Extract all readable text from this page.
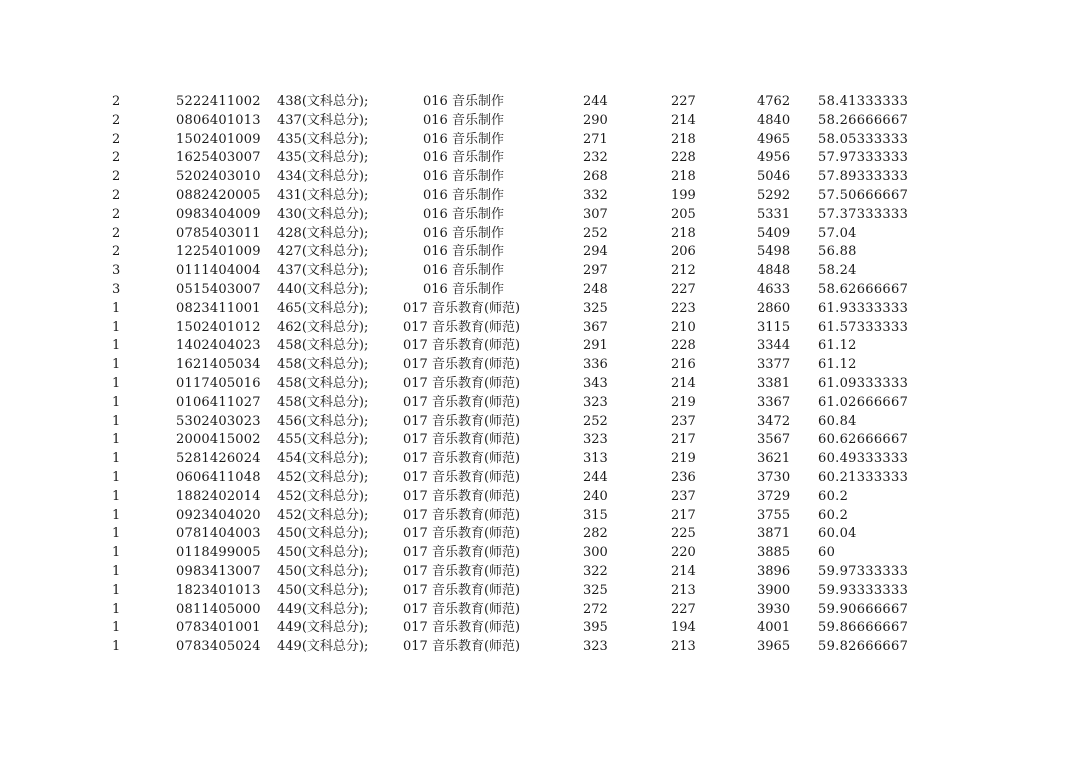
2	5222411002 438(文科总分);	016 音乐制作	244	227	4762 58.41333333
2	0806401013 437(文科总分);	016 音乐制作	290	214	4840 58.26666667
2	1502401009 435(文科总分);	016 音乐制作	271	218	4965 58.05333333
2	1625403007 435(文科总分);	016 音乐制作	232	228	4956 57.97333333
2	5202403010 434(文科总分);	016 音乐制作	268	218	5046 57.89333333
2	0882420005 431(文科总分);	016 音乐制作	332	199	5292 57.50666667
2	0983404009 430(文科总分);	016 音乐制作	307	205	5331 57.37333333
2	0785403011 428(文科总分);	016 音乐制作	252	218	5409 57.04
2	1225401009 427(文科总分);	016 音乐制作	294	206	5498 56.88
3	0111404004 437(文科总分);	016 音乐制作	297	212	4848 58.24
3	0515403007 440(文科总分);	016 音乐制作	248	227	4633 58.62666667
1	0823411001 465(文科总分);	017 音乐教育(师范)	325	223	2860 61.93333333
1	1502401012 462(文科总分);	017 音乐教育(师范)	367	210	3115 61.57333333
1	1402404023 458(文科总分);	017 音乐教育(师范)	291	228	3344 61.12
1	1621405034 458(文科总分);	017 音乐教育(师范)	336	216	3377 61.12
1	0117405016 458(文科总分);	017 音乐教育(师范)	343	214	3381 61.09333333
1	0106411027 458(文科总分);	017 音乐教育(师范)	323	219	3367 61.02666667
1	5302403023 456(文科总分);	017 音乐教育(师范)	252	237	3472 60.84
1	2000415002 455(文科总分);	017 音乐教育(师范)	323	217	3567 60.62666667
1	5281426024 454(文科总分);	017 音乐教育(师范)	313	219	3621 60.49333333
1	0606411048 452(文科总分);	017 音乐教育(师范)	244	236	3730 60.21333333
1	1882402014 452(文科总分);	017 音乐教育(师范)	240	237	3729 60.2
1	0923404020 452(文科总分);	017 音乐教育(师范)	315	217	3755 60.2
1	0781404003 450(文科总分);	017 音乐教育(师范)	282	225	3871 60.04
1	0118499005 450(文科总分);	017 音乐教育(师范)	300	220	3885 60
1	0983413007 450(文科总分);	017 音乐教育(师范)	322	214	3896 59.97333333
1	1823401013 450(文科总分);	017 音乐教育(师范)	325	213	3900 59.93333333
1	0811405000 449(文科总分);	017 音乐教育(师范)	272	227	3930 59.90666667
1	0783401001 449(文科总分);	017 音乐教育(师范)	395	194	4001 59.86666667
1	0783405024 449(文科总分);	017 音乐教育(师范)	323	213	3965 59.82666667
